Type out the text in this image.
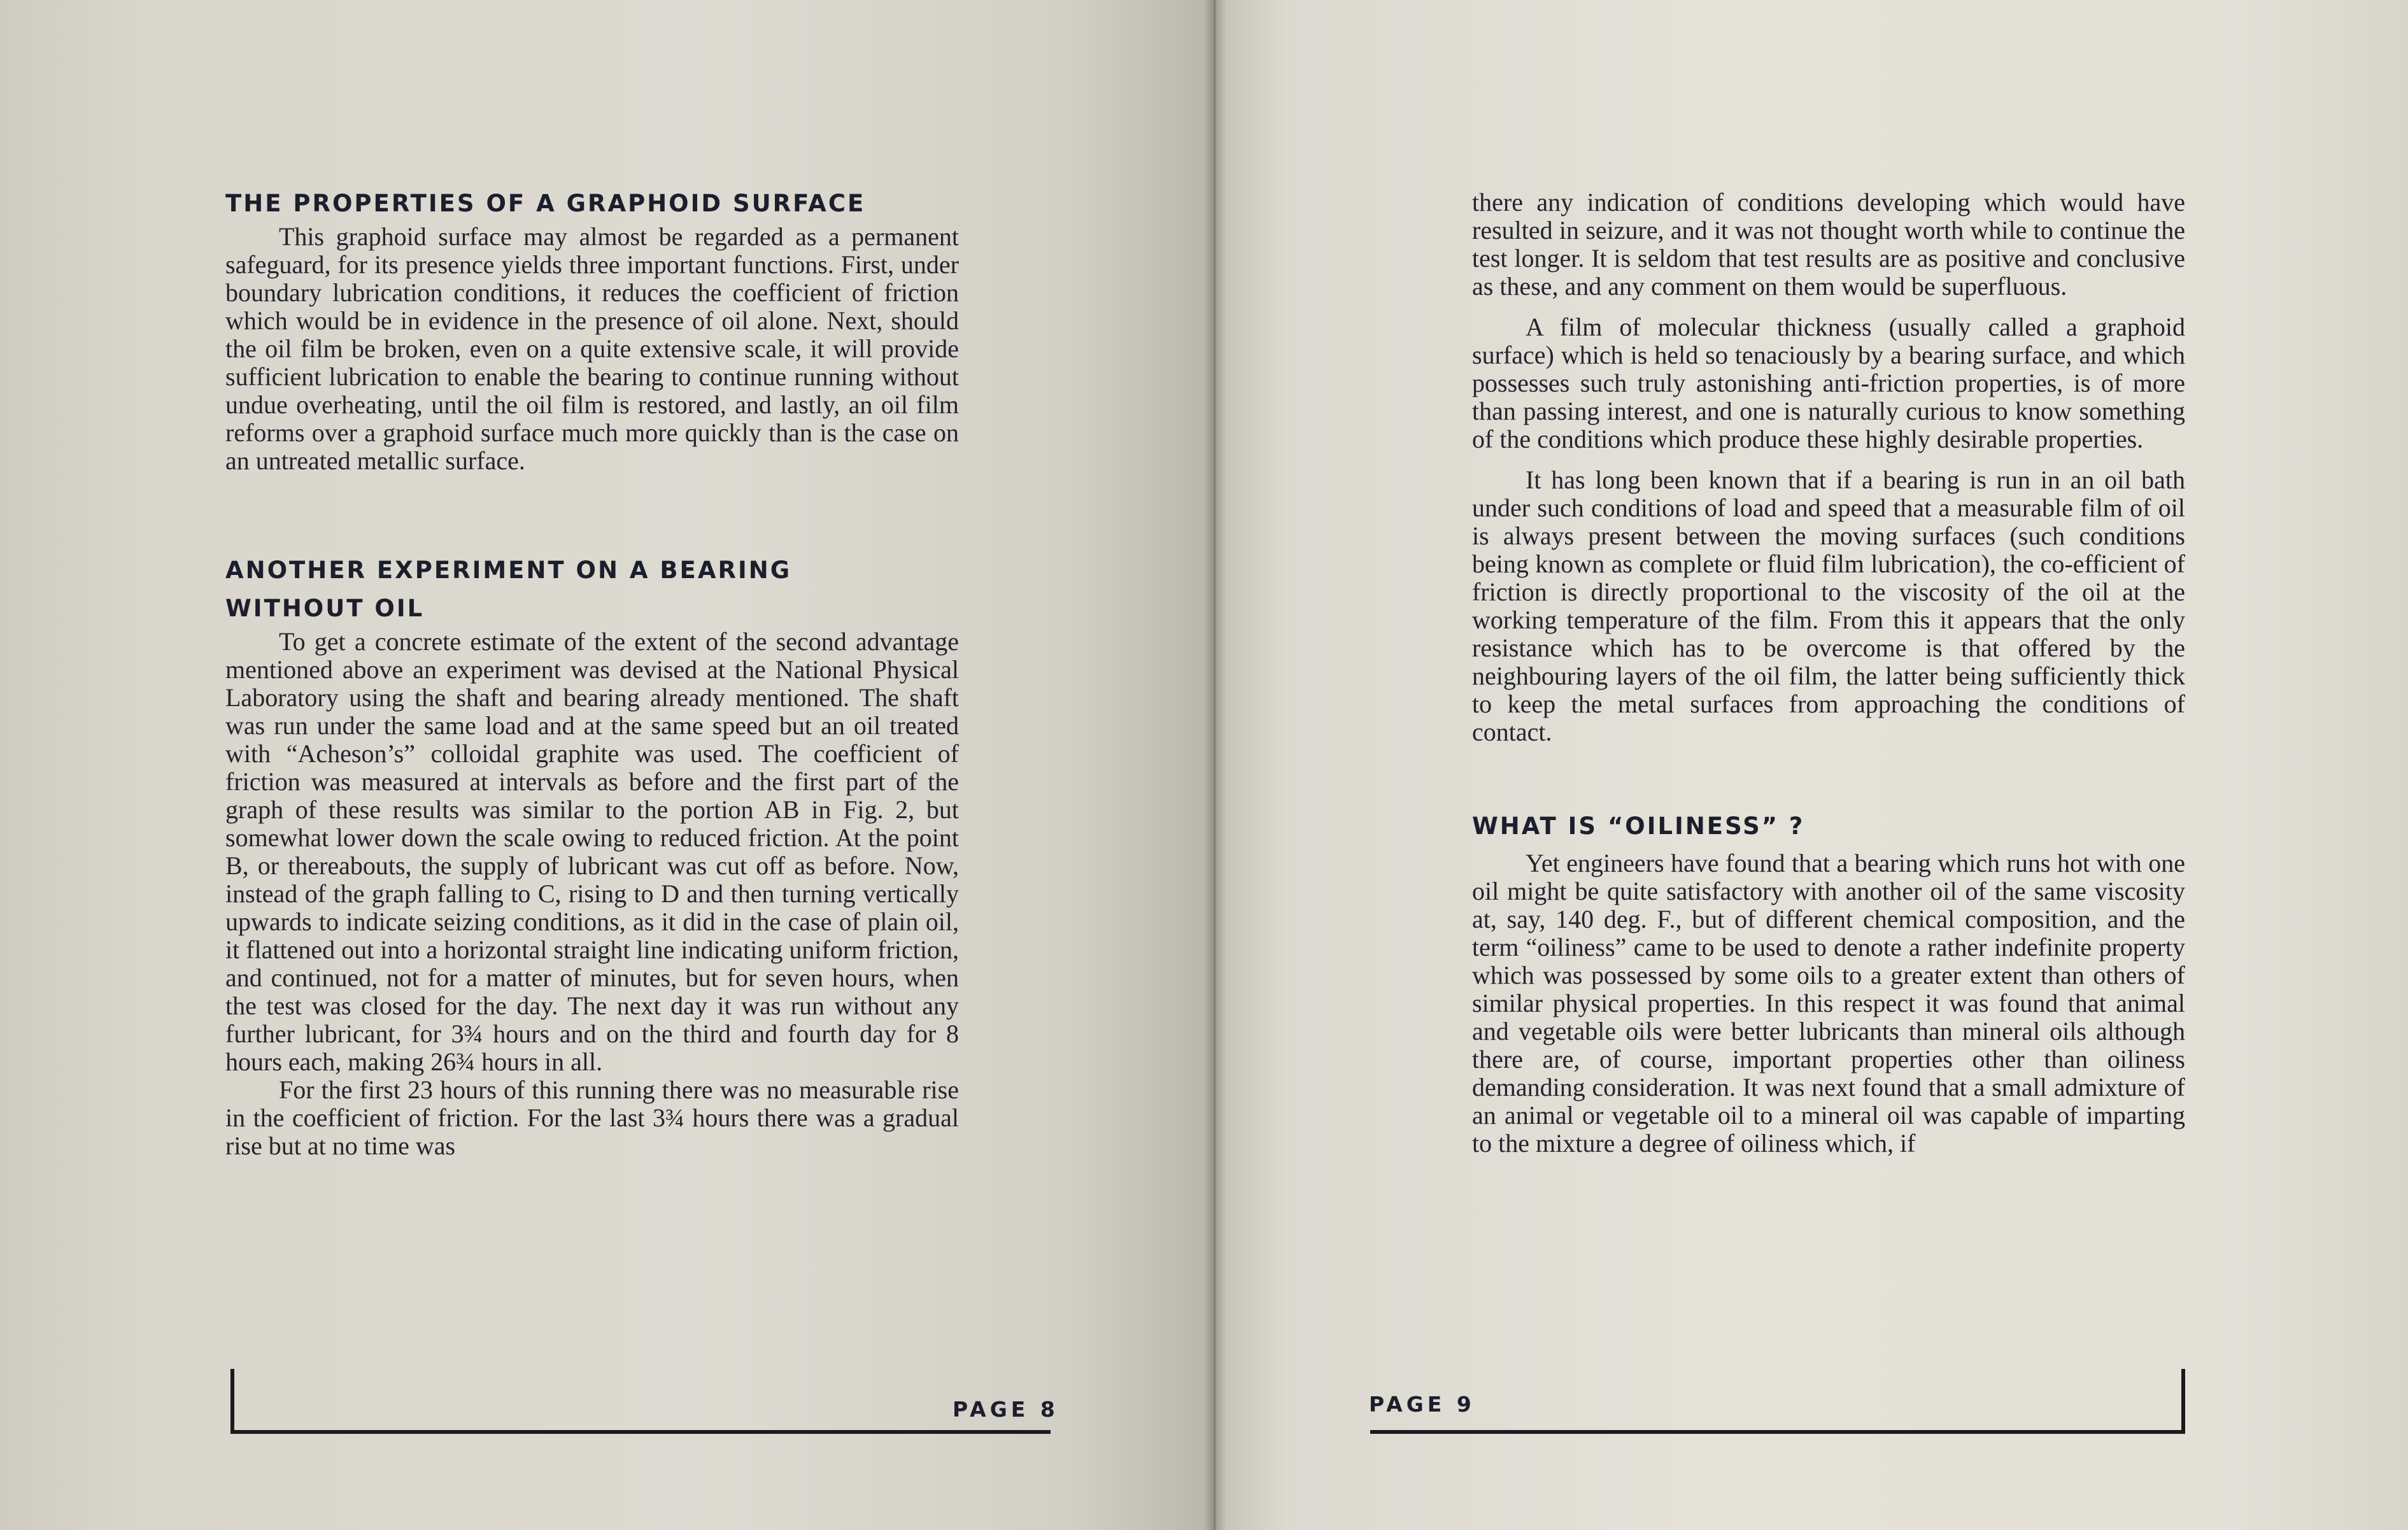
THE PROPERTIES OF A GRAPHOID SURFACE

This graphoid surface may almost be regarded as a permanent safeguard, for its presence yields three important functions. First, under boundary lubrication conditions, it reduces the coefficient of friction which would be in evidence in the presence of oil alone. Next, should the oil film be broken, even on a quite extensive scale, it will provide sufficient lubrication to enable the bearing to continue running without undue overheating, until the oil film is restored, and lastly, an oil film reforms over a graphoid surface much more quickly than is the case on an untreated metallic surface.

ANOTHER EXPERIMENT ON A BEARING
WITHOUT OIL

To get a concrete estimate of the extent of the second advantage mentioned above an experiment was devised at the National Physical Laboratory using the shaft and bearing already mentioned. The shaft was run under the same load and at the same speed but an oil treated with “Acheson’s” colloidal graphite was used. The coefficient of friction was measured at intervals as before and the first part of the graph of these results was similar to the portion AB in Fig. 2, but somewhat lower down the scale owing to reduced friction. At the point B, or thereabouts, the supply of lubricant was cut off as before. Now, instead of the graph falling to C, rising to D and then turning vertically upwards to indicate seizing conditions, as it did in the case of plain oil, it flattened out into a horizontal straight line indicating uniform friction, and continued, not for a matter of minutes, but for seven hours, when the test was closed for the day. The next day it was run without any further lubricant, for 3¾ hours and on the third and fourth day for 8 hours each, making 26¾ hours in all.

For the first 23 hours of this running there was no measurable rise in the coefficient of friction. For the last 3¾ hours there was a gradual rise but at no time was

PAGE 8

there any indication of conditions developing which would have resulted in seizure, and it was not thought worth while to continue the test longer. It is seldom that test results are as positive and conclusive as these, and any comment on them would be superfluous.

A film of molecular thickness (usually called a graphoid surface) which is held so tenaciously by a bearing surface, and which possesses such truly astonishing anti-friction properties, is of more than passing interest, and one is naturally curious to know something of the conditions which produce these highly desirable properties.

It has long been known that if a bearing is run in an oil bath under such conditions of load and speed that a measurable film of oil is always present between the moving surfaces (such conditions being known as complete or fluid film lubrication), the co-efficient of friction is directly proportional to the viscosity of the oil at the working temperature of the film. From this it appears that the only resistance which has to be overcome is that offered by the neighbouring layers of the oil film, the latter being sufficiently thick to keep the metal surfaces from approaching the conditions of contact.

WHAT IS “OILINESS” ?

Yet engineers have found that a bearing which runs hot with one oil might be quite satisfactory with another oil of the same viscosity at, say, 140 deg. F., but of different chemical composition, and the term “oiliness” came to be used to denote a rather indefinite property which was possessed by some oils to a greater extent than others of similar physical properties. In this respect it was found that animal and vegetable oils were better lubricants than mineral oils although there are, of course, important properties other than oiliness demanding consideration. It was next found that a small admixture of an animal or vegetable oil to a mineral oil was capable of imparting to the mixture a degree of oiliness which, if

PAGE 9
